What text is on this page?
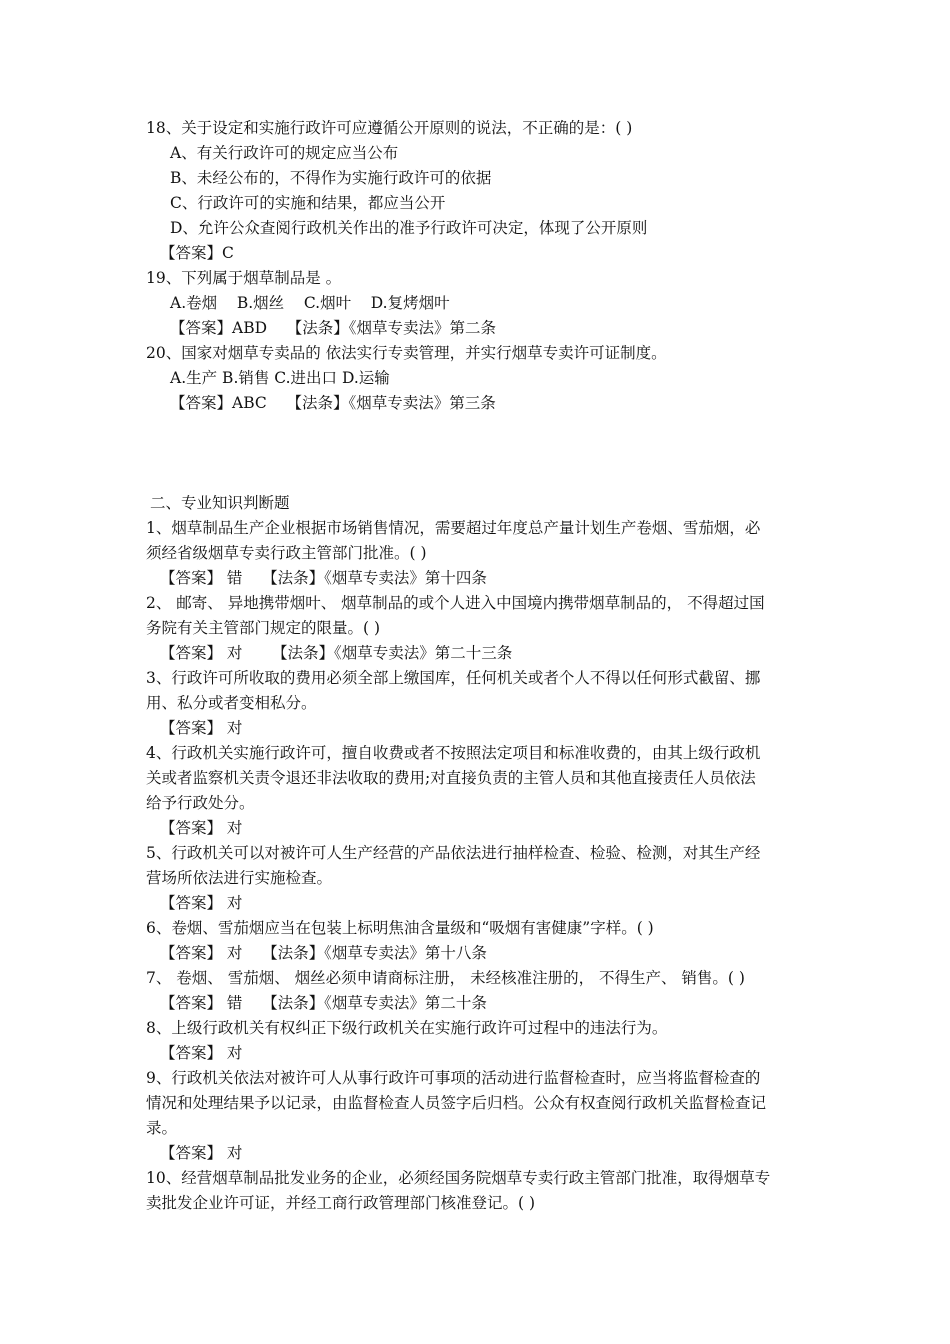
18、关于设定和实施行政许可应遵循公开原则的说法，不正确的是：( )
A、有关行政许可的规定应当公布
B、未经公布的，不得作为实施行政许可的依据
C、行政许可的实施和结果，都应当公开
D、允许公众查阅行政机关作出的准予行政许可决定，体现了公开原则
【答案】C
19、下列属于烟草制品是 。
A.卷烟    B.烟丝    C.烟叶    D.复烤烟叶
【答案】ABD    【法条】《烟草专卖法》第二条
20、国家对烟草专卖品的 依法实行专卖管理，并实行烟草专卖许可证制度。
A.生产 B.销售 C.进出口 D.运输
【答案】ABC    【法条】《烟草专卖法》第三条
二、专业知识判断题
1、烟草制品生产企业根据市场销售情况，需要超过年度总产量计划生产卷烟、雪茄烟，必
须经省级烟草专卖行政主管部门批准。( )
【答案】 错    【法条】《烟草专卖法》第十四条
2、 邮寄、 异地携带烟叶、 烟草制品的或个人进入中国境内携带烟草制品的， 不得超过国
务院有关主管部门规定的限量。( )
【答案】 对      【法条】《烟草专卖法》第二十三条
3、行政许可所收取的费用必须全部上缴国库，任何机关或者个人不得以任何形式截留、挪
用、私分或者变相私分。
【答案】 对
4、行政机关实施行政许可，擅自收费或者不按照法定项目和标准收费的，由其上级行政机
关或者监察机关责令退还非法收取的费用;对直接负责的主管人员和其他直接责任人员依法
给予行政处分。
【答案】 对
5、行政机关可以对被许可人生产经营的产品依法进行抽样检查、检验、检测，对其生产经
营场所依法进行实施检查。
【答案】 对
6、卷烟、雪茄烟应当在包装上标明焦油含量级和“吸烟有害健康”字样。( )
【答案】 对    【法条】《烟草专卖法》第十八条
7、 卷烟、 雪茄烟、 烟丝必须申请商标注册， 未经核准注册的， 不得生产、 销售。( )
【答案】 错    【法条】《烟草专卖法》第二十条
8、上级行政机关有权纠正下级行政机关在实施行政许可过程中的违法行为。
【答案】 对
9、行政机关依法对被许可人从事行政许可事项的活动进行监督检查时，应当将监督检查的
情况和处理结果予以记录，由监督检查人员签字后归档。公众有权查阅行政机关监督检查记
录。
【答案】 对
10、经营烟草制品批发业务的企业，必须经国务院烟草专卖行政主管部门批准，取得烟草专
卖批发企业许可证，并经工商行政管理部门核准登记。( )
